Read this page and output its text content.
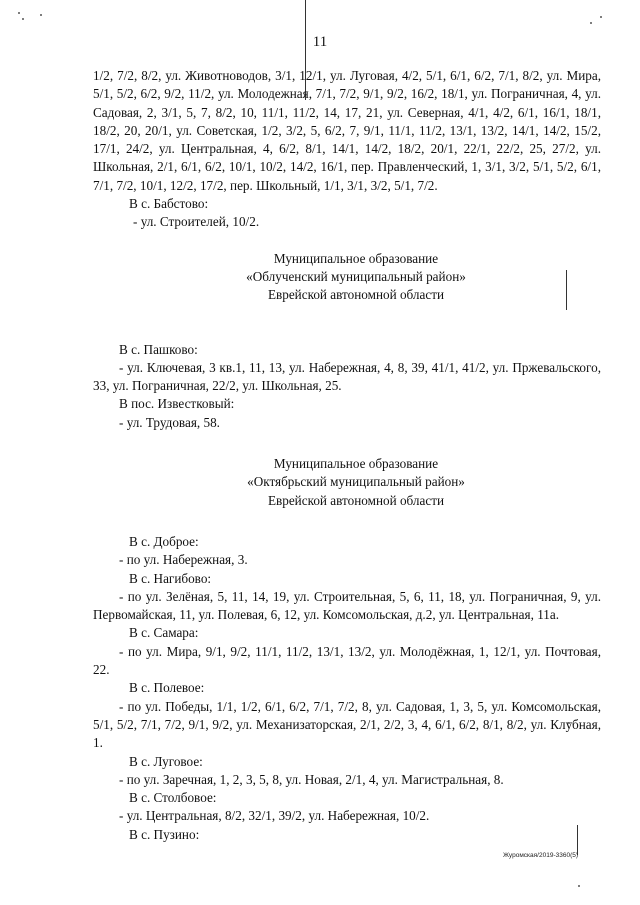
11

1/2, 7/2, 8/2, ул. Животноводов, 3/1, 12/1, ул. Луговая, 4/2, 5/1, 6/1, 6/2, 7/1, 8/2, ул. Мира, 5/1, 5/2, 6/2, 9/2, 11/2, ул. Молодежная, 7/1, 7/2, 9/1, 9/2, 16/2, 18/1, ул. Пограничная, 4, ул. Садовая, 2, 3/1, 5, 7, 8/2, 10, 11/1, 11/2, 14, 17, 21, ул. Северная, 4/1, 4/2, 6/1, 16/1, 18/1, 18/2, 20, 20/1, ул. Советская, 1/2, 3/2, 5, 6/2, 7, 9/1, 11/1, 11/2, 13/1, 13/2, 14/1, 14/2, 15/2, 17/1, 24/2, ул. Центральная, 4, 6/2, 8/1, 14/1, 14/2, 18/2, 20/1, 22/1, 22/2, 25, 27/2, ул. Школьная, 2/1, 6/1, 6/2, 10/1, 10/2, 14/2, 16/1, пер. Правленческий, 1, 3/1, 3/2, 5/1, 5/2, 6/1, 7/1, 7/2, 10/1, 12/2, 17/2, пер. Школьный, 1/1, 3/1, 3/2, 5/1, 7/2.

В с. Бабстово:

- ул. Строителей, 10/2.

Муниципальное образование

«Облученский муниципальный район»

Еврейской автономной области

В с. Пашково:

- ул. Ключевая, 3 кв.1, 11, 13, ул. Набережная, 4, 8, 39, 41/1, 41/2, ул. Пржевальского, 33, ул. Пограничная, 22/2, ул. Школьная, 25.

В пос. Известковый:

- ул. Трудовая, 58.

Муниципальное образование

«Октябрьский муниципальный район»

Еврейской автономной области

В с. Доброе:

- по ул. Набережная, 3.

В с. Нагибово:

- по ул. Зелёная, 5, 11, 14, 19, ул. Строительная, 5, 6, 11, 18, ул. Пограничная, 9, ул. Первомайская, 11, ул. Полевая, 6, 12, ул. Комсомольская, д.2, ул. Центральная, 11а.

В с. Самара:

- по ул. Мира, 9/1, 9/2, 11/1, 11/2, 13/1, 13/2, ул. Молодёжная, 1, 12/1, ул. Почтовая, 22.

В с. Полевое:

- по ул. Победы, 1/1, 1/2, 6/1, 6/2, 7/1, 7/2, 8, ул. Садовая, 1, 3, 5, ул. Комсомольская, 5/1, 5/2, 7/1, 7/2, 9/1, 9/2, ул. Механизаторская, 2/1, 2/2, 3, 4, 6/1, 6/2, 8/1, 8/2, ул. Клубная, 1.

В с. Луговое:

- по ул. Заречная, 1, 2, 3, 5, 8, ул. Новая, 2/1, 4, ул. Магистральная, 8.

В с. Столбовое:

- ул. Центральная, 8/2, 32/1, 39/2, ул. Набережная, 10/2.

В с. Пузино:

Журомская/2019-3360(5)
